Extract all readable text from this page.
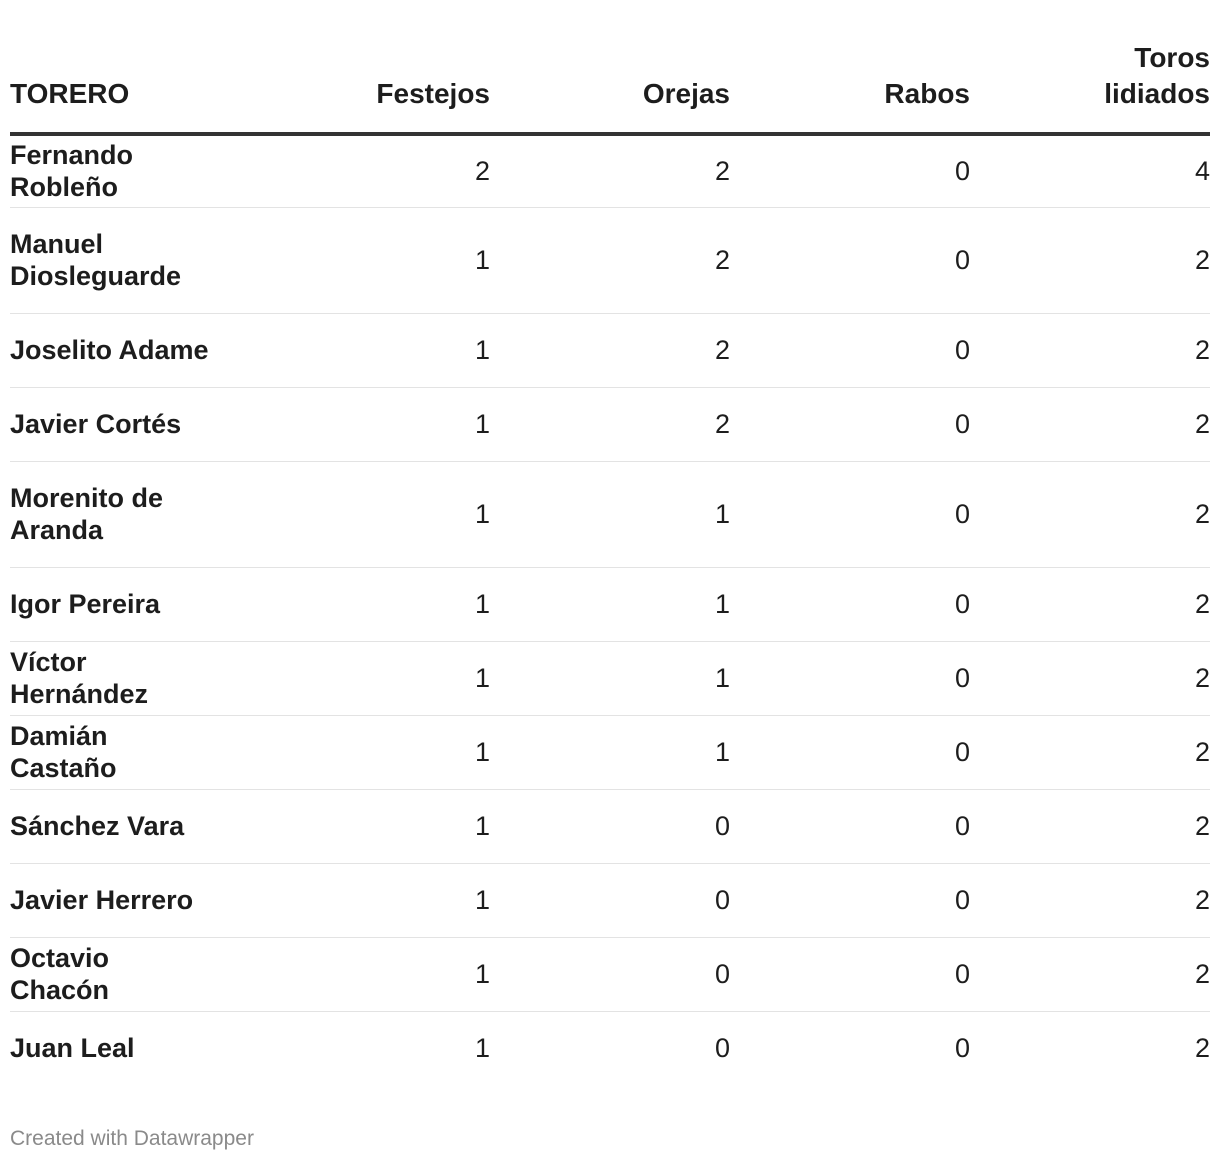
TORERO	Festejos	Orejas	Rabos	Toros lidiados
Fernando Robleño	2	2	0	4
Manuel Diosleguarde	1	2	0	2
Joselito Adame	1	2	0	2
Javier Cortés	1	2	0	2
Morenito de Aranda	1	1	0	2
Igor Pereira	1	1	0	2
Víctor Hernández	1	1	0	2
Damián Castaño	1	1	0	2
Sánchez Vara	1	0	0	2
Javier Herrero	1	0	0	2
Octavio Chacón	1	0	0	2
Juan Leal	1	0	0	2
Created with Datawrapper
